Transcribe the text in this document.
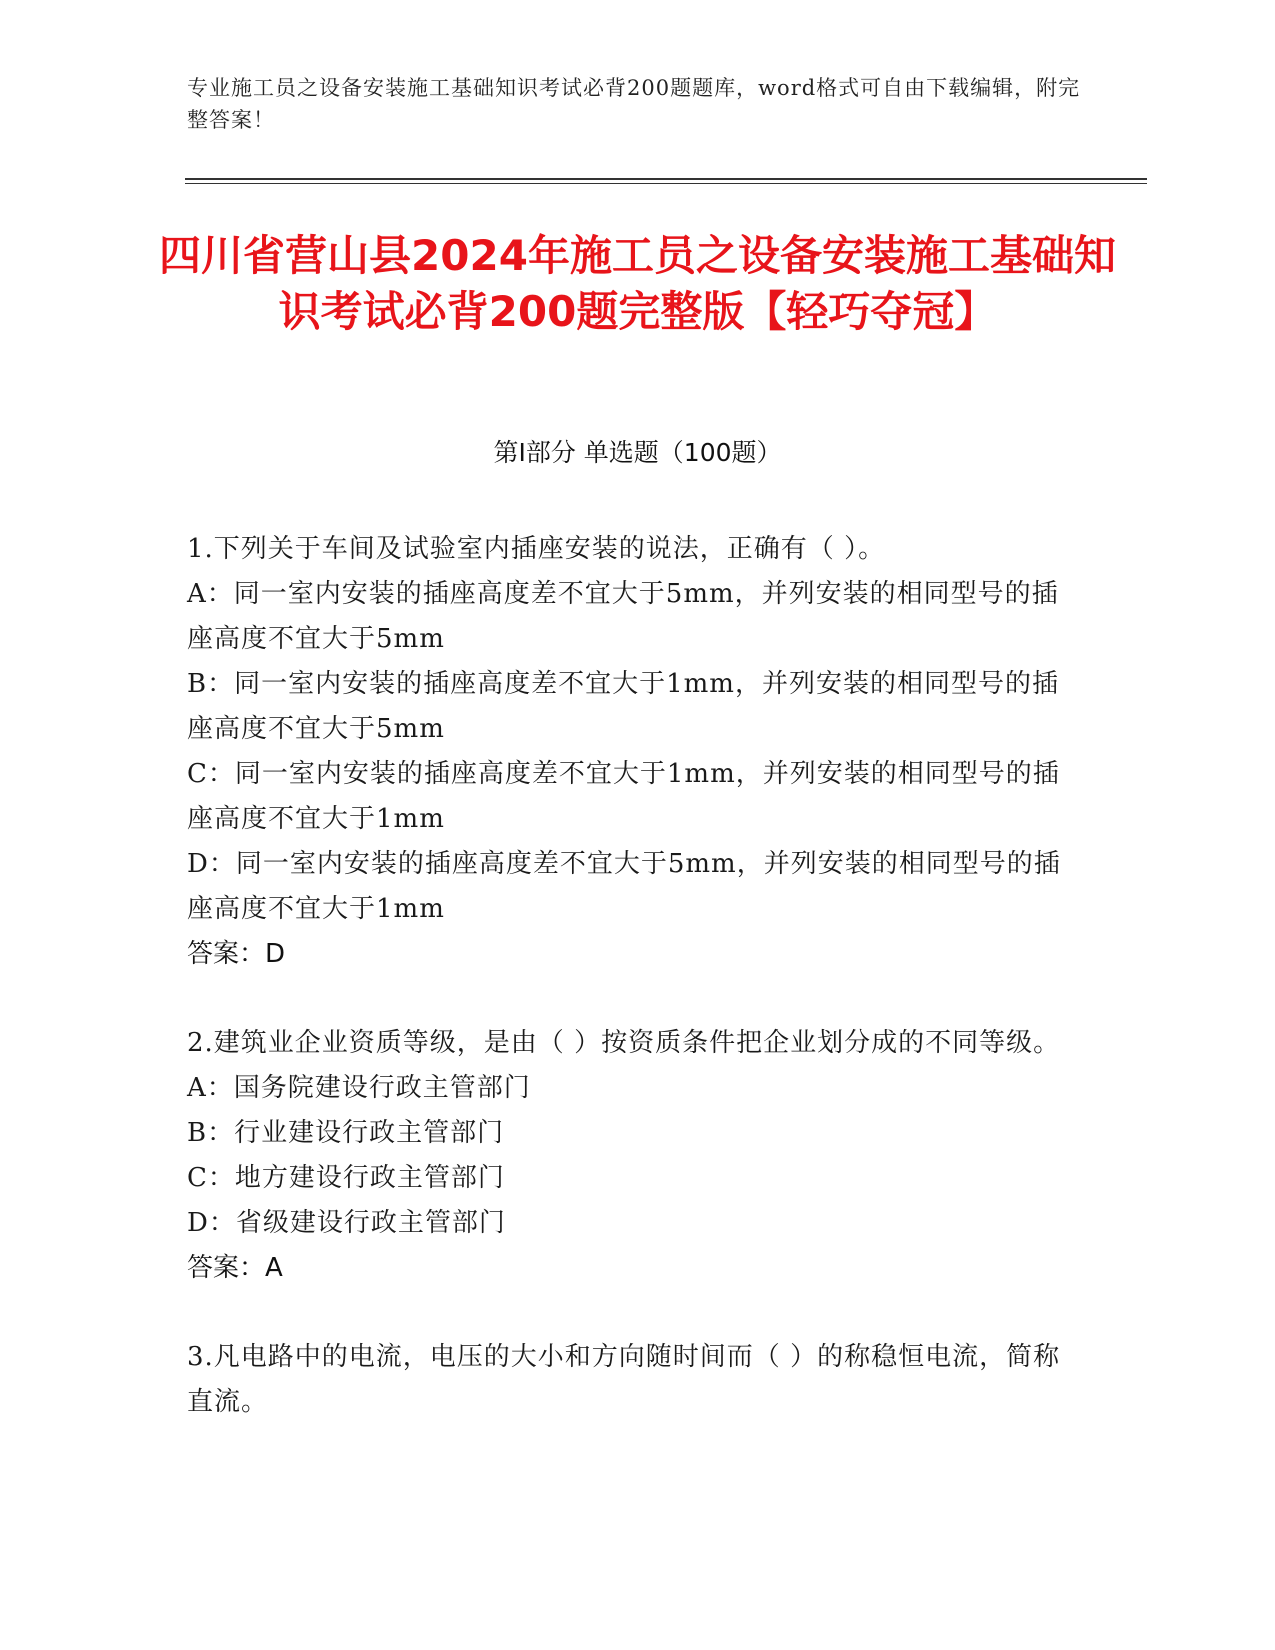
专业施工员之设备安装施工基础知识考试必背200题题库，word格式可自由下载编辑，附完整答案！
四川省营山县2024年施工员之设备安装施工基础知识考试必背200题完整版【轻巧夺冠】
第Ⅰ部分 单选题（100题）
1.下列关于车间及试验室内插座安装的说法，正确有（ ）。
A：同一室内安装的插座高度差不宜大于5mm，并列安装的相同型号的插座高度不宜大于5mm
B：同一室内安装的插座高度差不宜大于1mm，并列安装的相同型号的插座高度不宜大于5mm
C：同一室内安装的插座高度差不宜大于1mm，并列安装的相同型号的插座高度不宜大于1mm
D：同一室内安装的插座高度差不宜大于5mm，并列安装的相同型号的插座高度不宜大于1mm
答案：D
2.建筑业企业资质等级，是由（ ）按资质条件把企业划分成的不同等级。
A：国务院建设行政主管部门
B：行业建设行政主管部门
C：地方建设行政主管部门
D：省级建设行政主管部门
答案：A
3.凡电路中的电流，电压的大小和方向随时间而（ ）的称稳恒电流，简称直流。
